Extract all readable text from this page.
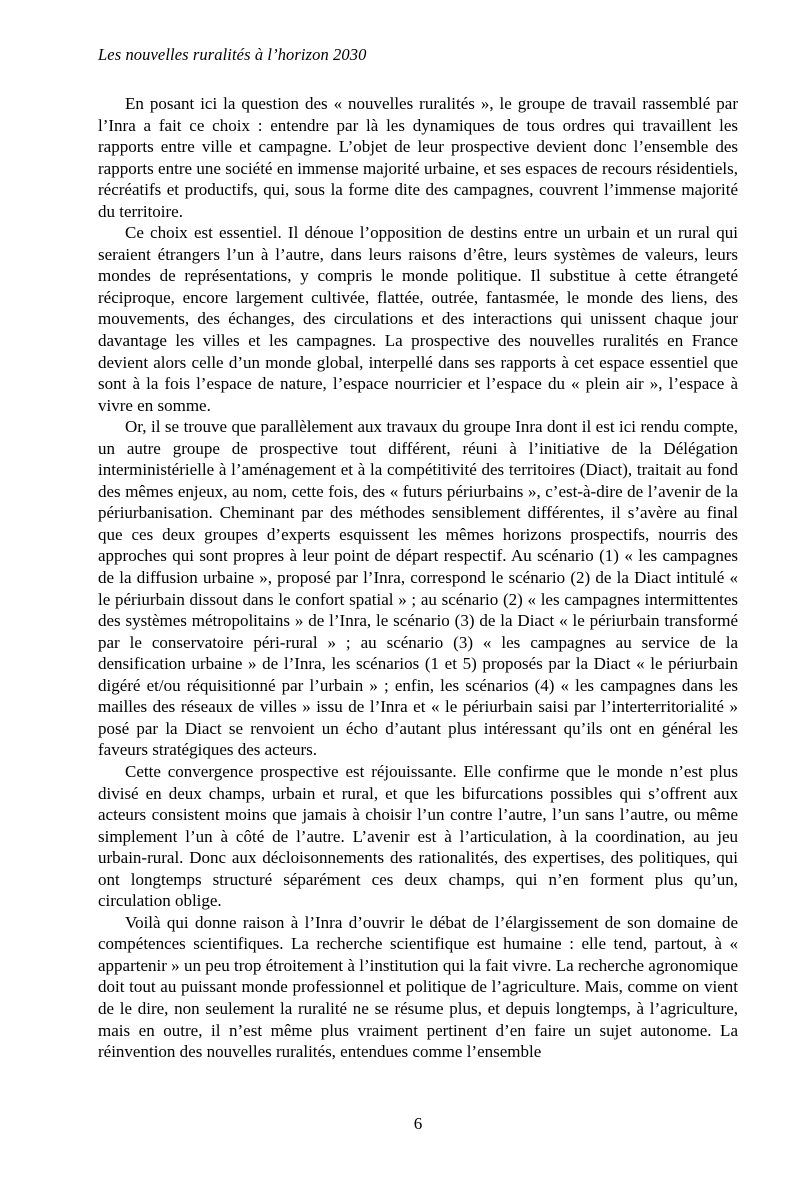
Les nouvelles ruralités à l’horizon 2030

En posant ici la question des « nouvelles ruralités », le groupe de travail rassemblé par l’Inra a fait ce choix : entendre par là les dynamiques de tous ordres qui travaillent les rapports entre ville et campagne. L’objet de leur prospective devient donc l’ensemble des rapports entre une société en immense majorité urbaine, et ses espaces de recours résidentiels, récréatifs et productifs, qui, sous la forme dite des campagnes, couvrent l’immense majorité du territoire.

Ce choix est essentiel. Il dénoue l’opposition de destins entre un urbain et un rural qui seraient étrangers l’un à l’autre, dans leurs raisons d’être, leurs systèmes de valeurs, leurs mondes de représentations, y compris le monde politique. Il substitue à cette étrangeté réciproque, encore largement cultivée, flattée, outrée, fantasmée, le monde des liens, des mouvements, des échanges, des circulations et des interactions qui unissent chaque jour davantage les villes et les campagnes. La prospective des nouvelles ruralités en France devient alors celle d’un monde global, interpellé dans ses rapports à cet espace essentiel que sont à la fois l’espace de nature, l’espace nourricier et l’espace du « plein air », l’espace à vivre en somme.

Or, il se trouve que parallèlement aux travaux du groupe Inra dont il est ici rendu compte, un autre groupe de prospective tout différent, réuni à l’initiative de la Délégation interministérielle à l’aménagement et à la compétitivité des territoires (Diact), traitait au fond des mêmes enjeux, au nom, cette fois, des « futurs périurbains », c’est-à-dire de l’avenir de la périurbanisation. Cheminant par des méthodes sensiblement différentes, il s’avère au final que ces deux groupes d’experts esquissent les mêmes horizons prospectifs, nourris des approches qui sont propres à leur point de départ respectif. Au scénario (1) « les campagnes de la diffusion urbaine », proposé par l’Inra, correspond le scénario (2) de la Diact intitulé « le périurbain dissout dans le confort spatial » ; au scénario (2) « les campagnes intermittentes des systèmes métropolitains » de l’Inra, le scénario (3) de la Diact « le périurbain transformé par le conservatoire péri-rural » ; au scénario (3) « les campagnes au service de la densification urbaine » de l’Inra, les scénarios (1 et 5) proposés par la Diact « le périurbain digéré et/ou réquisitionné par l’urbain » ; enfin, les scénarios (4) « les campagnes dans les mailles des réseaux de villes » issu de l’Inra et « le périurbain saisi par l’interterritorialité » posé par la Diact se renvoient un écho d’autant plus intéressant qu’ils ont en général les faveurs stratégiques des acteurs.

Cette convergence prospective est réjouissante. Elle confirme que le monde n’est plus divisé en deux champs, urbain et rural, et que les bifurcations possibles qui s’offrent aux acteurs consistent moins que jamais à choisir l’un contre l’autre, l’un sans l’autre, ou même simplement l’un à côté de l’autre. L’avenir est à l’articulation, à la coordination, au jeu urbain-rural. Donc aux décloisonnements des rationalités, des expertises, des politiques, qui ont longtemps structuré séparément ces deux champs, qui n’en forment plus qu’un, circulation oblige.

Voilà qui donne raison à l’Inra d’ouvrir le débat de l’élargissement de son domaine de compétences scientifiques. La recherche scientifique est humaine : elle tend, partout, à « appartenir » un peu trop étroitement à l’institution qui la fait vivre. La recherche agronomique doit tout au puissant monde professionnel et politique de l’agriculture. Mais, comme on vient de le dire, non seulement la ruralité ne se résume plus, et depuis longtemps, à l’agriculture, mais en outre, il n’est même plus vraiment pertinent d’en faire un sujet autonome. La réinvention des nouvelles ruralités, entendues comme l’ensemble

6
